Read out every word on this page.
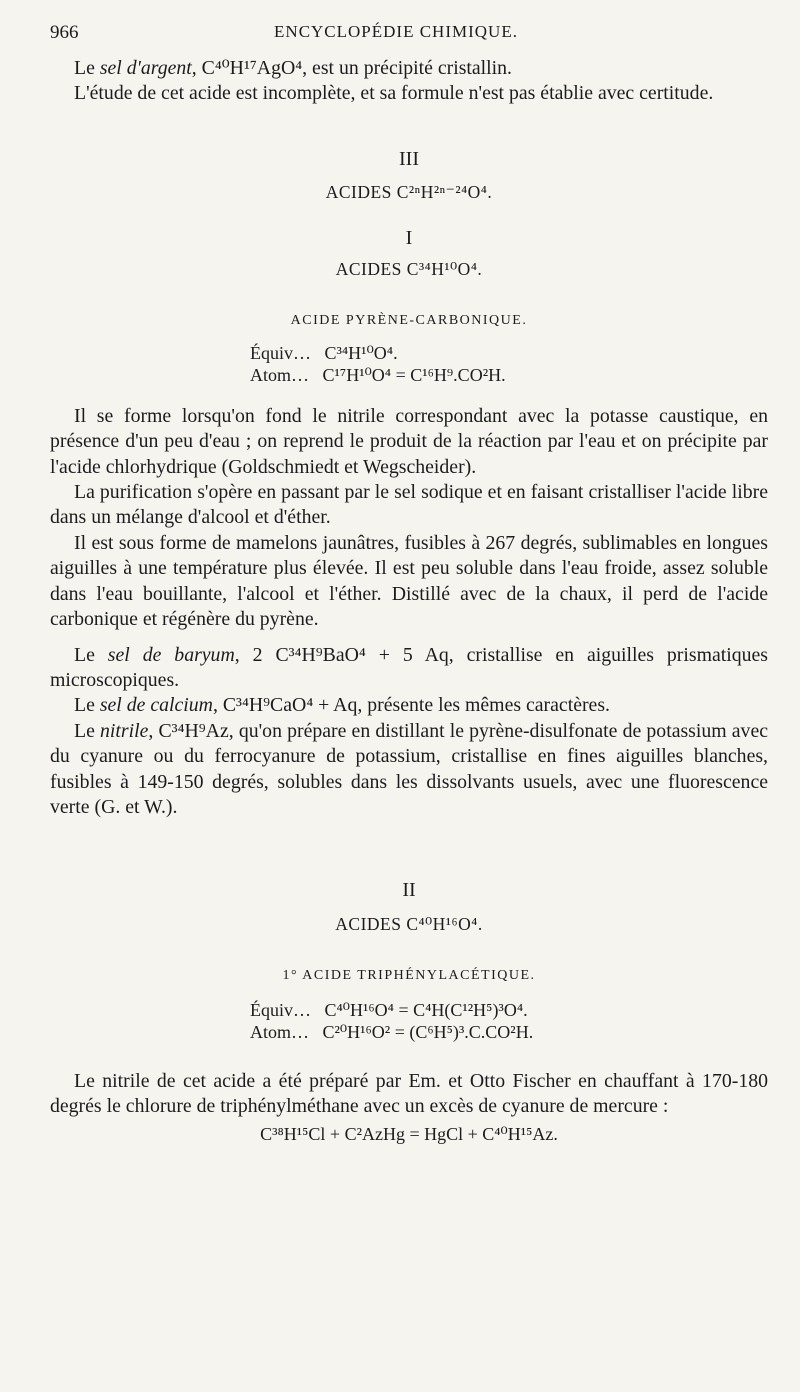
966	ENCYCLOPÉDIE CHIMIQUE.

Le sel d'argent, C⁴⁰H¹⁷AgO⁴, est un précipité cristallin.

L'étude de cet acide est incomplète, et sa formule n'est pas établie avec certitude.

III

ACIDES C²ⁿH²ⁿ⁻²⁴O⁴.

I

ACIDES C³⁴H¹⁰O⁴.

ACIDE PYRÈNE-CARBONIQUE.

Équiv… C³⁴H¹⁰O⁴.
Atom… C¹⁷H¹⁰O⁴ = C¹⁶H⁹.CO²H.

Il se forme lorsqu'on fond le nitrile correspondant avec la potasse caustique, en présence d'un peu d'eau ; on reprend le produit de la réaction par l'eau et on précipite par l'acide chlorhydrique (Goldschmiedt et Wegscheider).

La purification s'opère en passant par le sel sodique et en faisant cristalliser l'acide libre dans un mélange d'alcool et d'éther.

Il est sous forme de mamelons jaunâtres, fusibles à 267 degrés, sublimables en longues aiguilles à une température plus élevée. Il est peu soluble dans l'eau froide, assez soluble dans l'eau bouillante, l'alcool et l'éther. Distillé avec de la chaux, il perd de l'acide carbonique et régénère du pyrène.

Le sel de baryum, 2 C³⁴H⁹BaO⁴ + 5 Aq, cristallise en aiguilles prismatiques microscopiques.

Le sel de calcium, C³⁴H⁹CaO⁴ + Aq, présente les mêmes caractères.

Le nitrile, C³⁴H⁹Az, qu'on prépare en distillant le pyrène-disulfonate de potassium avec du cyanure ou du ferrocyanure de potassium, cristallise en fines aiguilles blanches, fusibles à 149-150 degrés, solubles dans les dissolvants usuels, avec une fluorescence verte (G. et W.).

II

ACIDES C⁴⁰H¹⁶O⁴.

1° ACIDE TRIPHÉNYLACÉTIQUE.

Équiv… C⁴⁰H¹⁶O⁴ = C⁴H(C¹²H⁵)³O⁴.
Atom… C²⁰H¹⁶O² = (C⁶H⁵)³.C.CO²H.

Le nitrile de cet acide a été préparé par Em. et Otto Fischer en chauffant à 170-180 degrés le chlorure de triphénylméthane avec un excès de cyanure de mercure :

C³⁸H¹⁵Cl + C²AzHg = HgCl + C⁴⁰H¹⁵Az.
